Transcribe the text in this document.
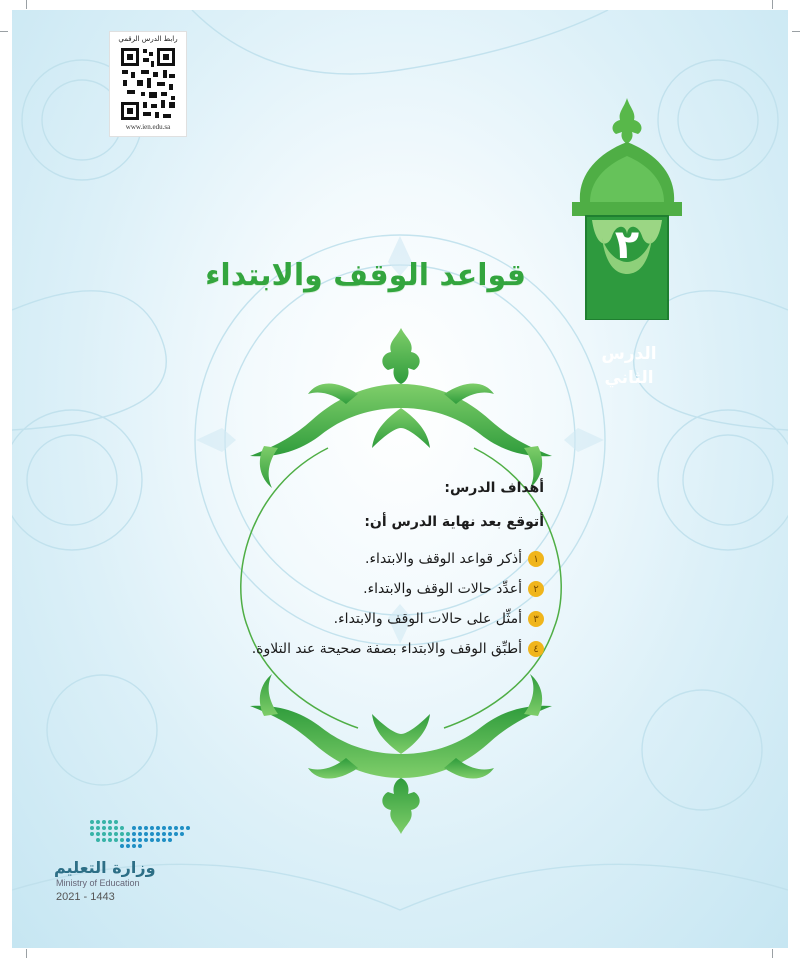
رابط الدرس الرقمي
www.ien.edu.sa
٢
الدرس
الثاني
قواعد الوقف والابتداء
أهداف الدرس:
أتوقع بعد نهاية الدرس أن:
١
أذكر قواعد الوقف والابتداء.
٢
أعدِّد حالات الوقف والابتداء.
٣
أمثِّل على حالات الوقف والابتداء.
٤
أطبِّق الوقف والابتداء بصفة صحيحة عند التلاوة.
وزارة التعليم
Ministry of Education
2021 - 1443
